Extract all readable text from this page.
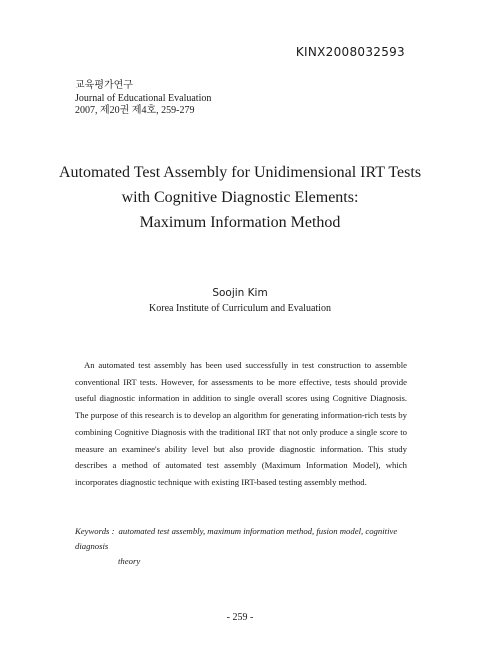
KINX2008032593
교육평가연구
Journal of Educational Evaluation
2007, 제20권 제4호, 259-279
Automated Test Assembly for Unidimensional IRT Tests
with Cognitive Diagnostic Elements:
Maximum Information Method
Soojin Kim
Korea Institute of Curriculum and Evaluation
An automated test assembly has been used successfully in test construction to assemble conventional IRT tests. However, for assessments to be more effective, tests should provide useful diagnostic information in addition to single overall scores using Cognitive Diagnosis. The purpose of this research is to develop an algorithm for generating information-rich tests by combining Cognitive Diagnosis with the traditional IRT that not only produce a single score to measure an examinee's ability level but also provide diagnostic information. This study describes a method of automated test assembly (Maximum Information Model), which incorporates diagnostic technique with existing IRT-based testing assembly method.
Keywords : automated test assembly, maximum information method, fusion model, cognitive diagnosis
theory
- 259 -
